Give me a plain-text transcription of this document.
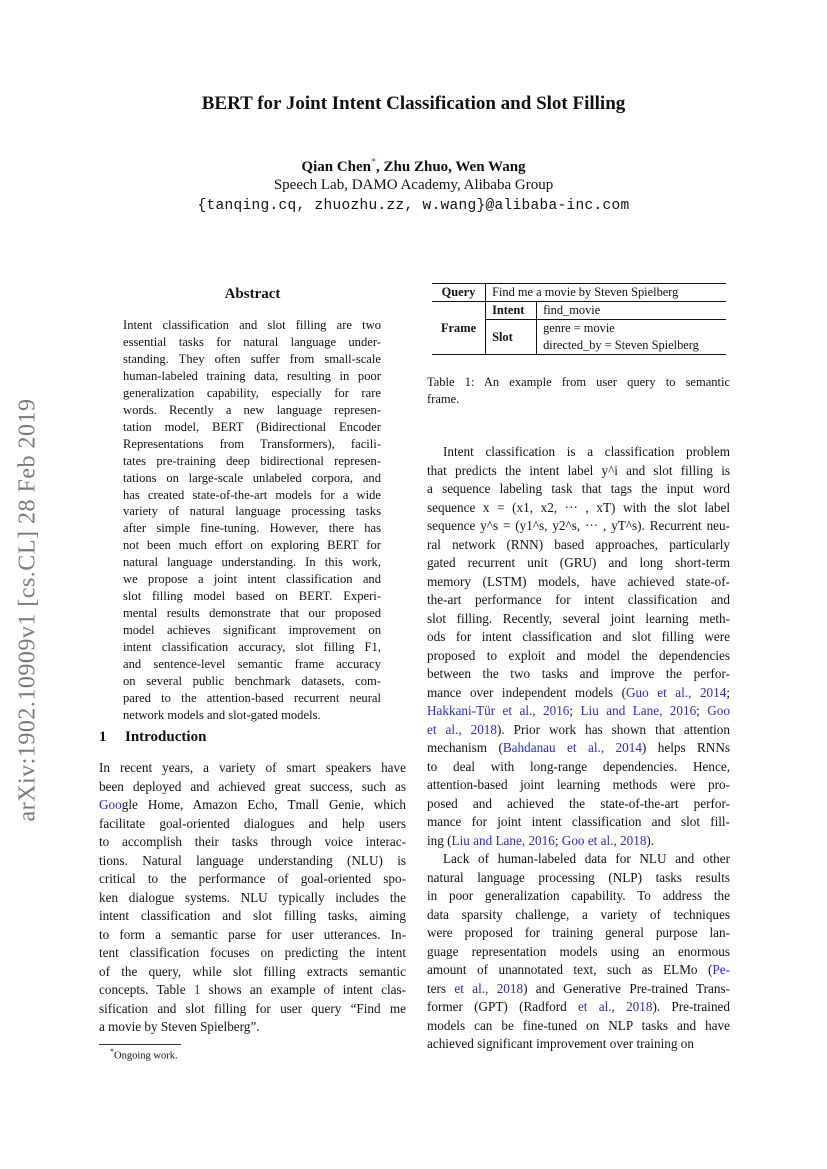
BERT for Joint Intent Classification and Slot Filling
Qian Chen*, Zhu Zhuo, Wen Wang
Speech Lab, DAMO Academy, Alibaba Group
{tanqing.cq, zhuozhu.zz, w.wang}@alibaba-inc.com
arXiv:1902.10909v1 [cs.CL] 28 Feb 2019
Abstract
Intent classification and slot filling are two
essential tasks for natural language under-
standing. They often suffer from small-scale
human-labeled training data, resulting in poor
generalization capability, especially for rare
words. Recently a new language represen-
tation model, BERT (Bidirectional Encoder
Representations from Transformers), facili-
tates pre-training deep bidirectional represen-
tations on large-scale unlabeled corpora, and
has created state-of-the-art models for a wide
variety of natural language processing tasks
after simple fine-tuning. However, there has
not been much effort on exploring BERT for
natural language understanding. In this work,
we propose a joint intent classification and
slot filling model based on BERT. Experi-
mental results demonstrate that our proposed
model achieves significant improvement on
intent classification accuracy, slot filling F1,
and sentence-level semantic frame accuracy
on several public benchmark datasets, com-
pared to the attention-based recurrent neural
network models and slot-gated models.
1 Introduction
In recent years, a variety of smart speakers have
been deployed and achieved great success, such as
Google Home, Amazon Echo, Tmall Genie, which
facilitate goal-oriented dialogues and help users
to accomplish their tasks through voice interac-
tions. Natural language understanding (NLU) is
critical to the performance of goal-oriented spo-
ken dialogue systems. NLU typically includes the
intent classification and slot filling tasks, aiming
to form a semantic parse for user utterances. In-
tent classification focuses on predicting the intent
of the query, while slot filling extracts semantic
concepts. Table 1 shows an example of intent clas-
sification and slot filling for user query “Find me
a movie by Steven Spielberg”.
*Ongoing work.
Query	Find me a movie by Steven Spielberg	
Frame	Intent	find_movie
	Slot	genre = movie
		directed_by = Steven Spielberg
Table 1: An example from user query to semantic
frame.
Intent classification is a classification problem
that predicts the intent label y^i and slot filling is
a sequence labeling task that tags the input word
sequence x = (x1, x2, ··· , xT) with the slot label
sequence y^s = (y1^s, y2^s, ··· , yT^s). Recurrent neu-
ral network (RNN) based approaches, particularly
gated recurrent unit (GRU) and long short-term
memory (LSTM) models, have achieved state-of-
the-art performance for intent classification and
slot filling. Recently, several joint learning meth-
ods for intent classification and slot filling were
proposed to exploit and model the dependencies
between the two tasks and improve the perfor-
mance over independent models (Guo et al., 2014;
Hakkani-Tür et al., 2016; Liu and Lane, 2016; Goo
et al., 2018). Prior work has shown that attention
mechanism (Bahdanau et al., 2014) helps RNNs
to deal with long-range dependencies. Hence,
attention-based joint learning methods were pro-
posed and achieved the state-of-the-art perfor-
mance for joint intent classification and slot fill-
ing (Liu and Lane, 2016; Goo et al., 2018).
Lack of human-labeled data for NLU and other
natural language processing (NLP) tasks results
in poor generalization capability. To address the
data sparsity challenge, a variety of techniques
were proposed for training general purpose lan-
guage representation models using an enormous
amount of unannotated text, such as ELMo (Pe-
ters et al., 2018) and Generative Pre-trained Trans-
former (GPT) (Radford et al., 2018). Pre-trained
models can be fine-tuned on NLP tasks and have
achieved significant improvement over training on
